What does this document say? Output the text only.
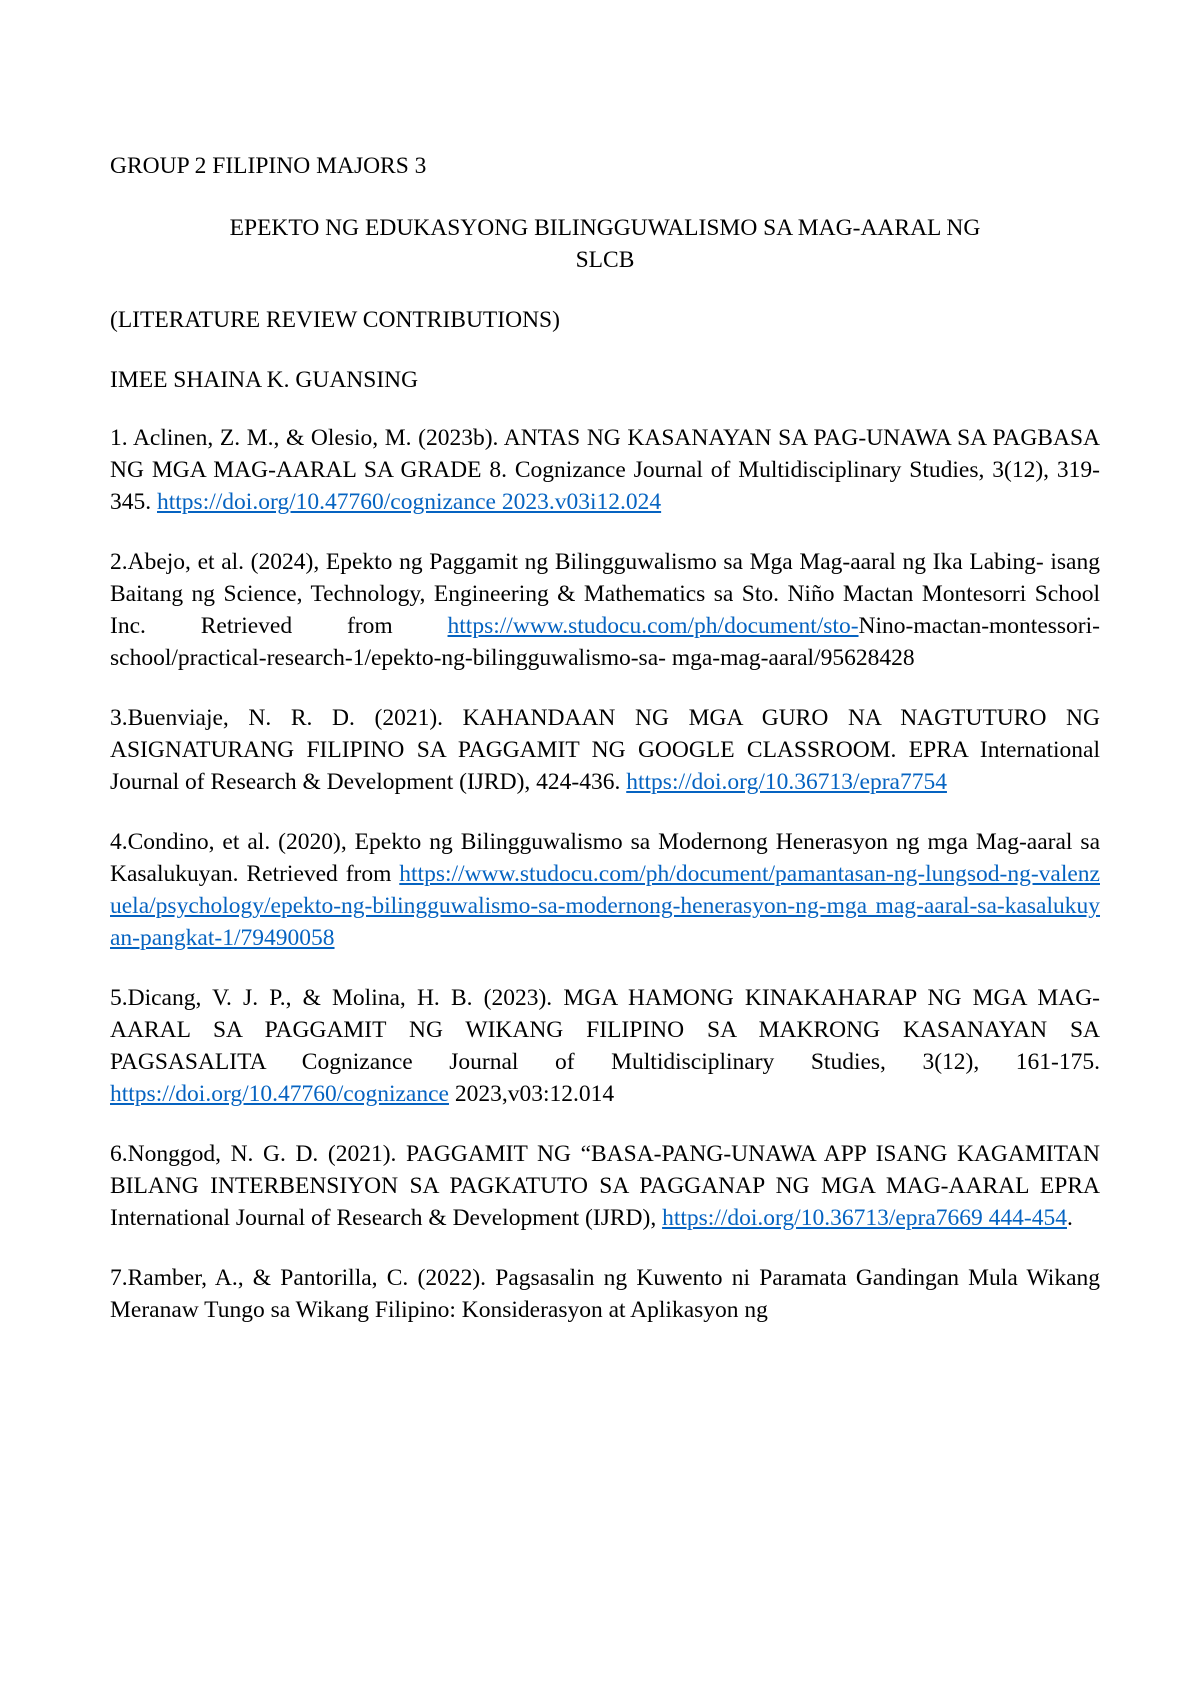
GROUP 2 FILIPINO MAJORS 3

EPEKTO NG EDUKASYONG BILINGGUWALISMO SA MAG-AARAL NG
SLCB

(LITERATURE REVIEW CONTRIBUTIONS)

IMEE SHAINA K. GUANSING

1. Aclinen, Z. M., & Olesio, M. (2023b). ANTAS NG KASANAYAN SA PAG-UNAWA SA PAGBASA NG MGA MAG-AARAL SA GRADE 8. Cognizance Journal of Multidisciplinary Studies, 3(12), 319-345. https://doi.org/10.47760/cognizance 2023.v03i12.024

2.Abejo, et al. (2024), Epekto ng Paggamit ng Bilingguwalismo sa Mga Mag-aaral ng Ika Labing- isang Baitang ng Science, Technology, Engineering & Mathematics sa Sto. Niño Mactan Montesorri School Inc. Retrieved from https://www.studocu.com/ph/document/sto-Nino-mactan-montessori-school/practical-research-1/epekto-ng-bilingguwalismo-sa- mga-mag-aaral/95628428

3.Buenviaje, N. R. D. (2021). KAHANDAAN NG MGA GURO NA NAGTUTURO NG ASIGNATURANG FILIPINO SA PAGGAMIT NG GOOGLE CLASSROOM. EPRA International Journal of Research & Development (IJRD), 424-436. https://doi.org/10.36713/epra7754

4.Condino, et al. (2020), Epekto ng Bilingguwalismo sa Modernong Henerasyon ng mga Mag-aaral sa Kasalukuyan. Retrieved from https://www.studocu.com/ph/document/pamantasan-ng-lungsod-ng-valenzuela/psychology/epekto-ng-bilingguwalismo-sa-modernong-henerasyon-ng-mga mag-aaral-sa-kasalukuyan-pangkat-1/79490058

5.Dicang, V. J. P., & Molina, H. B. (2023). MGA HAMONG KINAKAHARAP NG MGA MAG-AARAL SA PAGGAMIT NG WIKANG FILIPINO SA MAKRONG KASANAYAN SA PAGSASALITA Cognizance Journal of Multidisciplinary Studies, 3(12), 161-175. https://doi.org/10.47760/cognizance 2023,v03:12.014

6.Nonggod, N. G. D. (2021). PAGGAMIT NG “BASA-PANG-UNAWA APP ISANG KAGAMITAN BILANG INTERBENSIYON SA PAGKATUTO SA PAGGANAP NG MGA MAG-AARAL EPRA International Journal of Research & Development (IJRD), https://doi.org/10.36713/epra7669 444-454.

7.Ramber, A., & Pantorilla, C. (2022). Pagsasalin ng Kuwento ni Paramata Gandingan Mula Wikang Meranaw Tungo sa Wikang Filipino: Konsiderasyon at Aplikasyon ng
